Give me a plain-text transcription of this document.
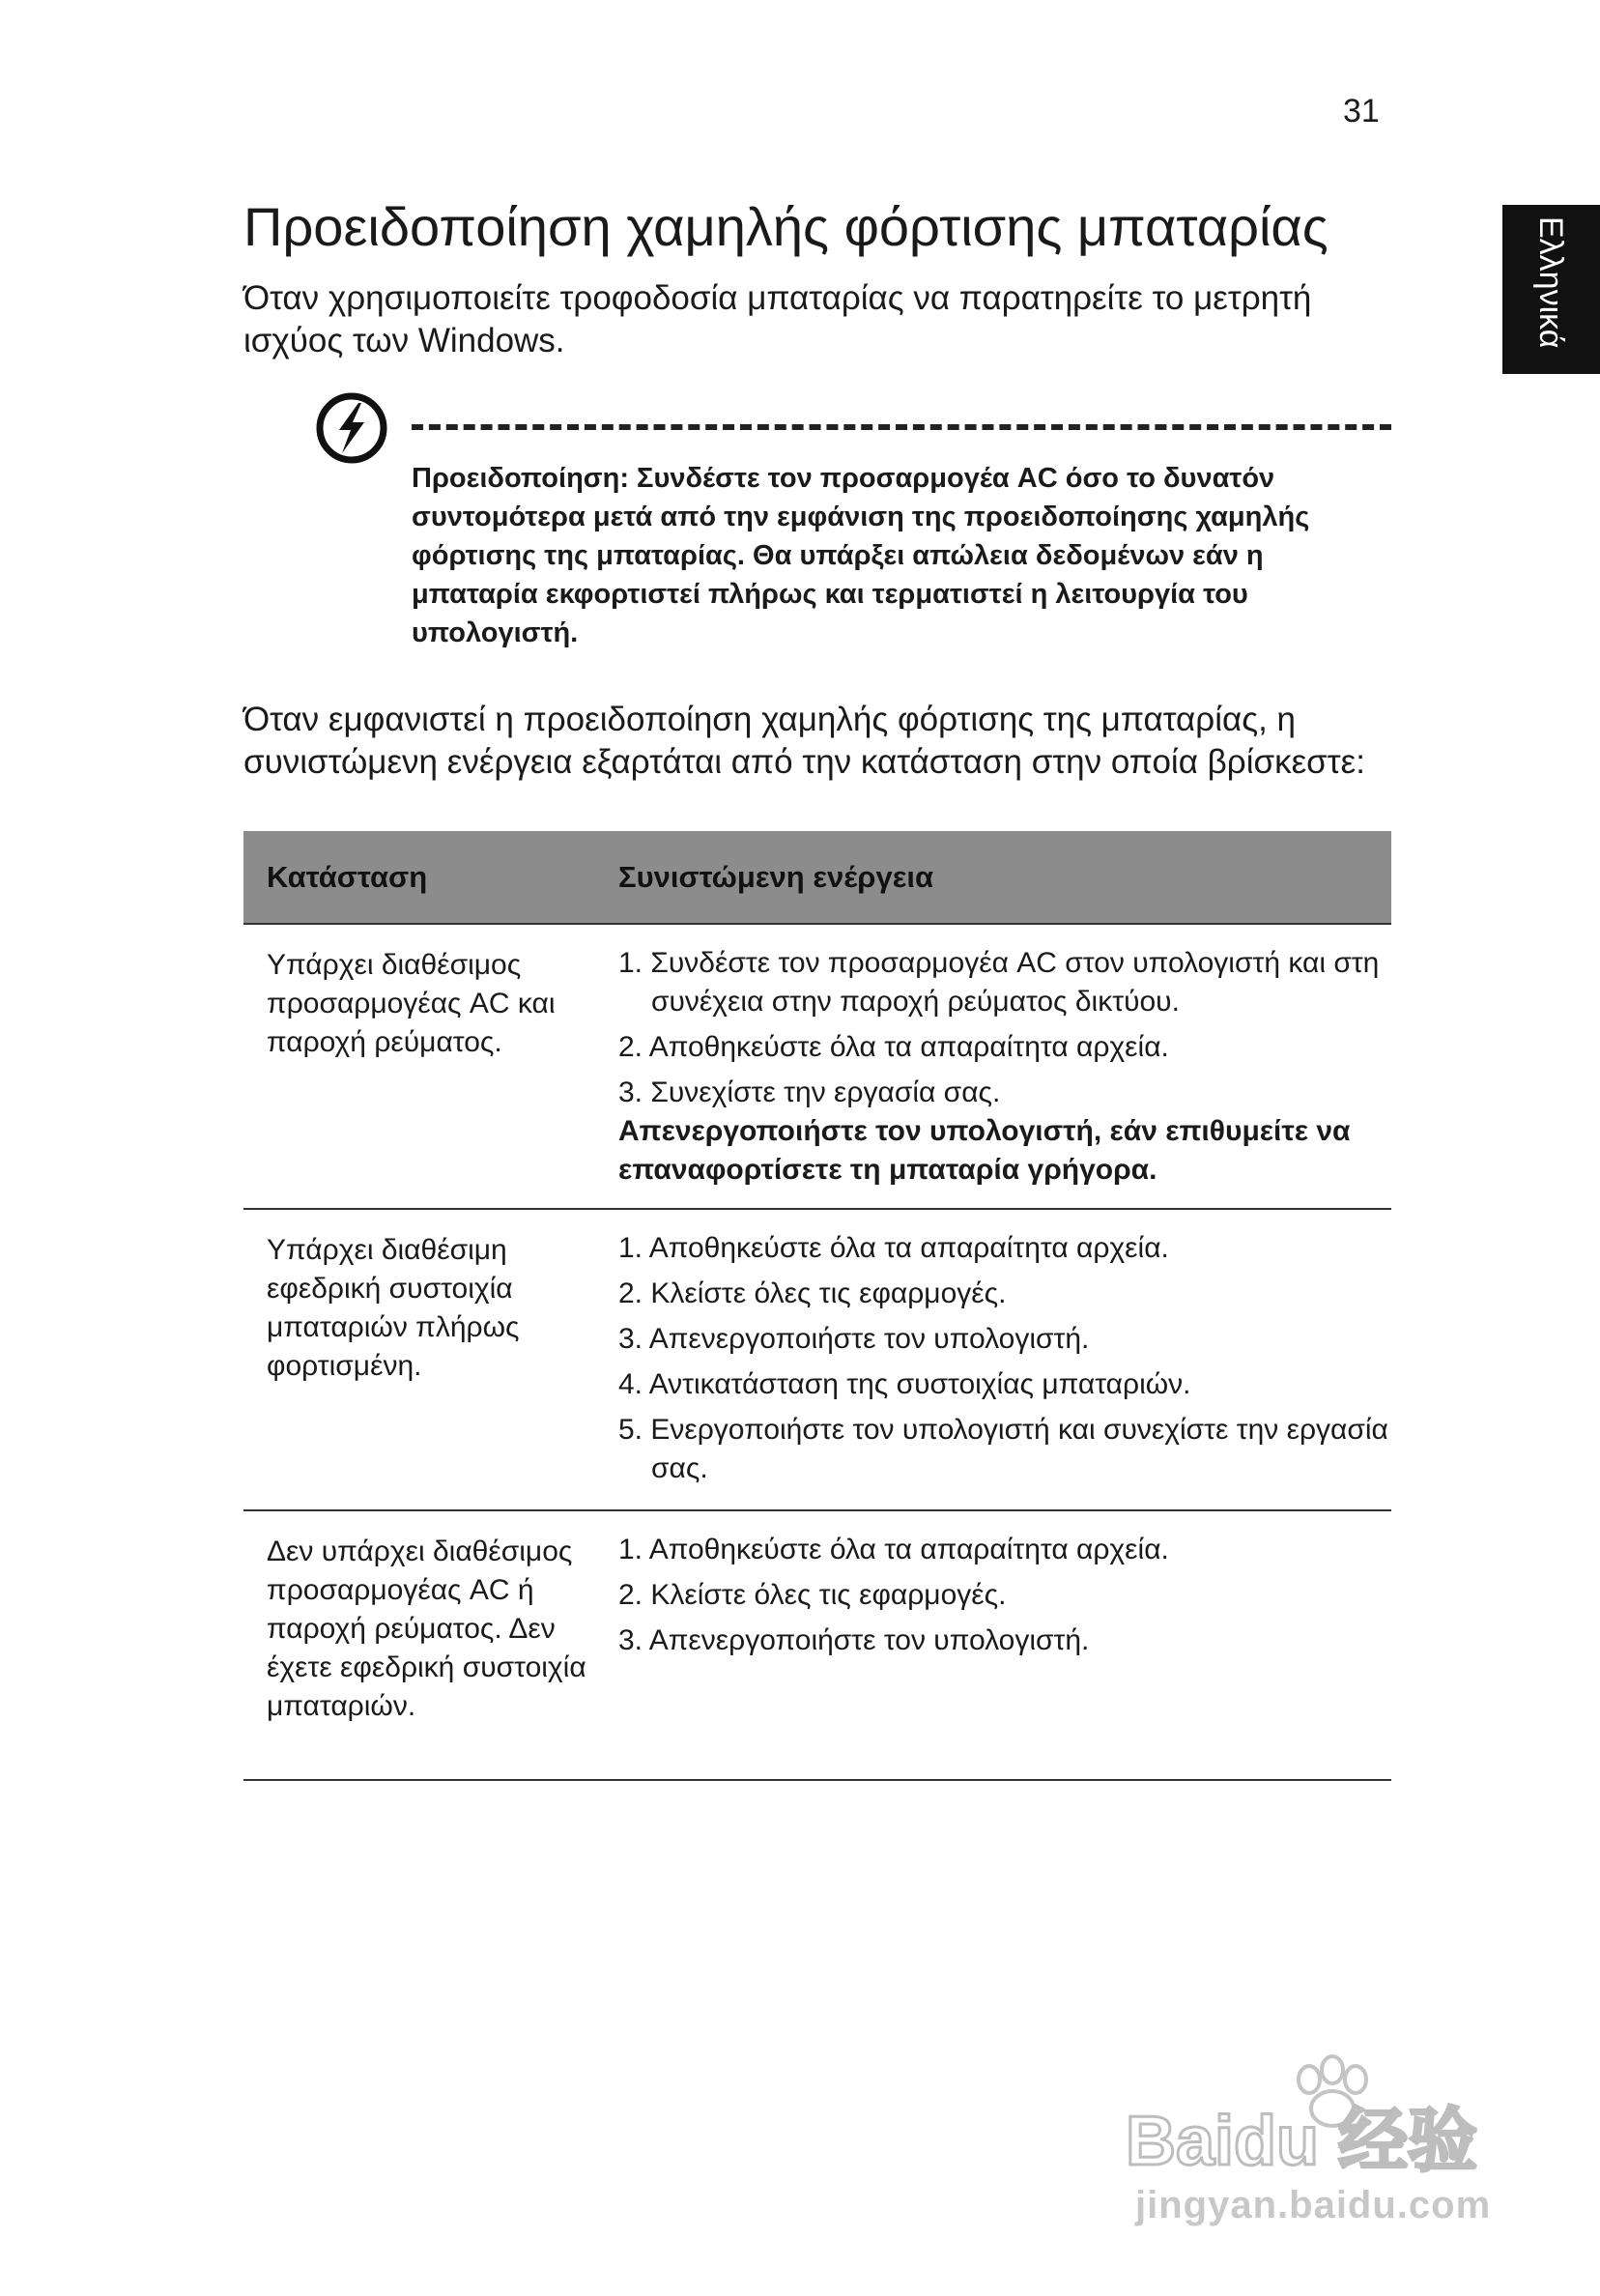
31
Ελληνικά
Προειδοποίηση χαμηλής φόρτισης μπαταρίας

Όταν χρησιμοποιείτε τροφοδοσία μπαταρίας να παρατηρείτε το μετρητή ισχύος των Windows.

Προειδοποίηση: Συνδέστε τον προσαρμογέα AC όσο το δυνατόν συντομότερα μετά από την εμφάνιση της προειδοποίησης χαμηλής φόρτισης της μπαταρίας. Θα υπάρξει απώλεια δεδομένων εάν η μπαταρία εκφορτιστεί πλήρως και τερματιστεί η λειτουργία του υπολογιστή.

Όταν εμφανιστεί η προειδοποίηση χαμηλής φόρτισης της μπαταρίας, η συνιστώμενη ενέργεια εξαρτάται από την κατάσταση στην οποία βρίσκεστε:

Κατάσταση	Συνιστώμενη ενέργεια
Υπάρχει διαθέσιμος προσαρμογέας AC και παροχή ρεύματος.
1. Συνδέστε τον προσαρμογέα AC στον υπολογιστή και στη συνέχεια στην παροχή ρεύματος δικτύου.
2. Αποθηκεύστε όλα τα απαραίτητα αρχεία.
3. Συνεχίστε την εργασία σας.
Απενεργοποιήστε τον υπολογιστή, εάν επιθυμείτε να επαναφορτίσετε τη μπαταρία γρήγορα.
Υπάρχει διαθέσιμη εφεδρική συστοιχία μπαταριών πλήρως φορτισμένη.
1. Αποθηκεύστε όλα τα απαραίτητα αρχεία.
2. Κλείστε όλες τις εφαρμογές.
3. Απενεργοποιήστε τον υπολογιστή.
4. Αντικατάσταση της συστοιχίας μπαταριών.
5. Ενεργοποιήστε τον υπολογιστή και συνεχίστε την εργασία σας.
Δεν υπάρχει διαθέσιμος προσαρμογέας AC ή παροχή ρεύματος. Δεν έχετε εφεδρική συστοιχία μπαταριών.
1. Αποθηκεύστε όλα τα απαραίτητα αρχεία.
2. Κλείστε όλες τις εφαρμογές.
3. Απενεργοποιήστε τον υπολογιστή.
Baidu 经验
jingyan.baidu.com
